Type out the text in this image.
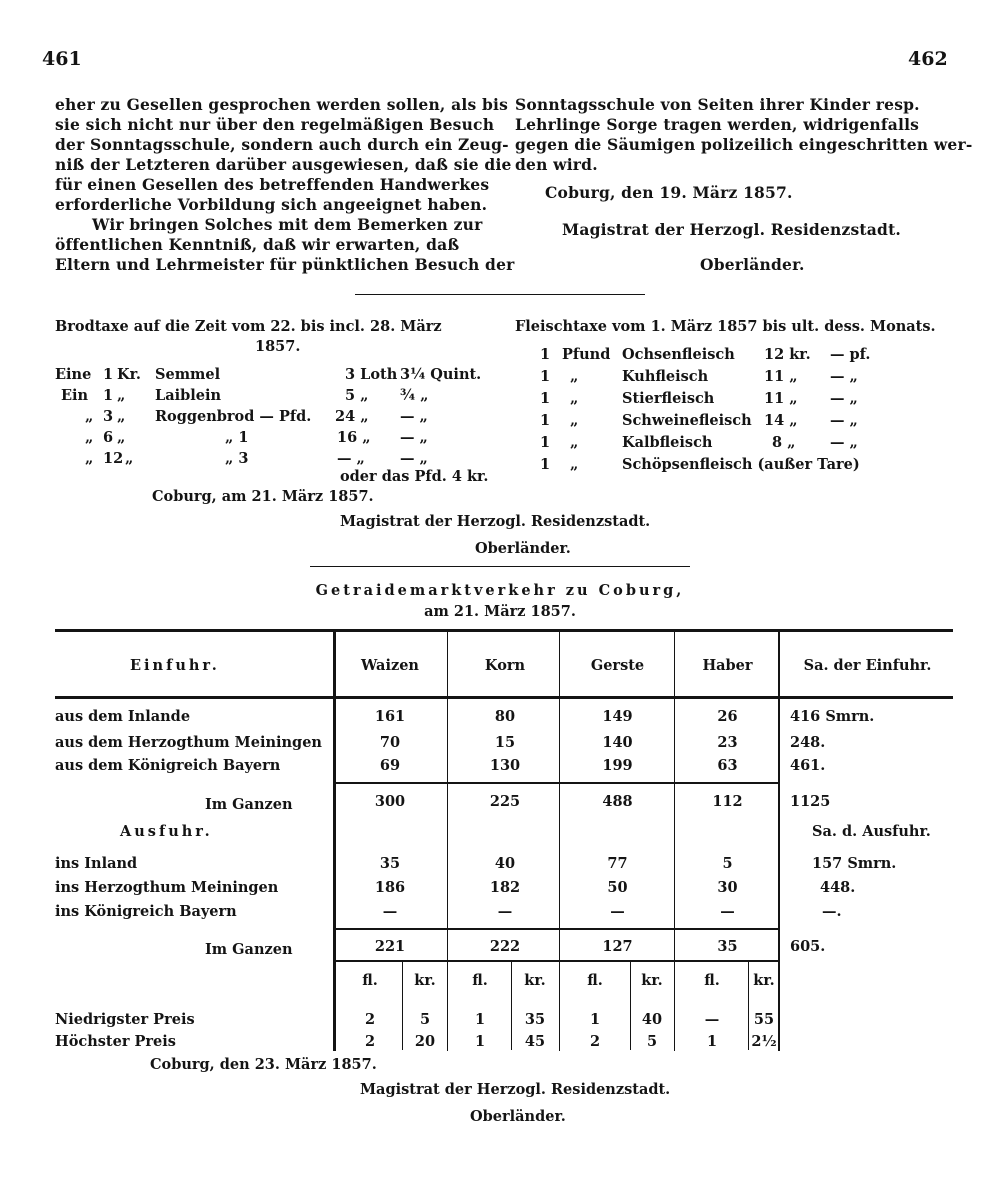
461	462
eher zu Gesellen gesprochen werden sollen, als bis
sie sich nicht nur über den regelmäßigen Besuch
der Sonntagsschule, sondern auch durch ein Zeug-
niß der Letzteren darüber ausgewiesen, daß sie die
für einen Gesellen des betreffenden Handwerkes
erforderliche Vorbildung sich angeeignet haben.
Wir bringen Solches mit dem Bemerken zur
öffentlichen Kenntniß, daß wir erwarten, daß
Eltern und Lehrmeister für pünktlichen Besuch der
Sonntagsschule von Seiten ihrer Kinder resp.
Lehrlinge Sorge tragen werden, widrigenfalls
gegen die Säumigen polizeilich eingeschritten wer-
den wird.
Coburg, den 19. März 1857.
Magistrat der Herzogl. Residenzstadt.
Oberländer.
Brodtaxe auf die Zeit vom 22. bis incl. 28. März
1857.
Eine 1 Kr. Semmel	3 Loth 3¼ Quint.
Ein 1 „ Laiblein	5 „ ¾ „
„ 3 „ Roggenbrod — Pfd. 24 „ — „
„ 6 „	„ 1	16 „ — „
„ 12 „	„ 3	— „ — „
oder das Pfd. 4 kr.
Coburg, am 21. März 1857.
Magistrat der Herzogl. Residenzstadt.
Oberländer.
Fleischtaxe vom 1. März 1857 bis ult. dess. Monats.
1 Pfund Ochsenfleisch 12 kr. — pf.
1 „	Kuhfleisch	11 „ — „
1 „	Stierfleisch	11 „ — „
1 „	Schweinefleisch 14 „ — „
1 „	Kalbfleisch	8 „ — „
1 „	Schöpsenfleisch (außer Tare)
Getraidemarktverkehr zu Coburg,
am 21. März 1857.
Einfuhr.	Waizen	Korn	Gerste	Haber	Sa. der Einfuhr.
aus dem Inlande	161	80	149	26	416 Smrn.
aus dem Herzogthum Meiningen	70	15	140	23	248.
aus dem Königreich Bayern	69	130	199	63	461.
Im Ganzen	300	225	488	112	1125
Ausfuhr.	Sa. d. Ausfuhr.
ins Inland	35	40	77	5	157 Smrn.
ins Herzogthum Meiningen	186	182	50	30	448.
ins Königreich Bayern	—	—	—	—	—.
Im Ganzen	221	222	127	35	605.
fl.	kr.	fl.	kr.	fl.	kr.	fl.	kr.
Niedrigster Preis	2	5	1	35	1	40	—	55
Höchster Preis	2	20	1	45	2	5	1	2½
Coburg, den 23. März 1857.
Magistrat der Herzogl. Residenzstadt.
Oberländer.
